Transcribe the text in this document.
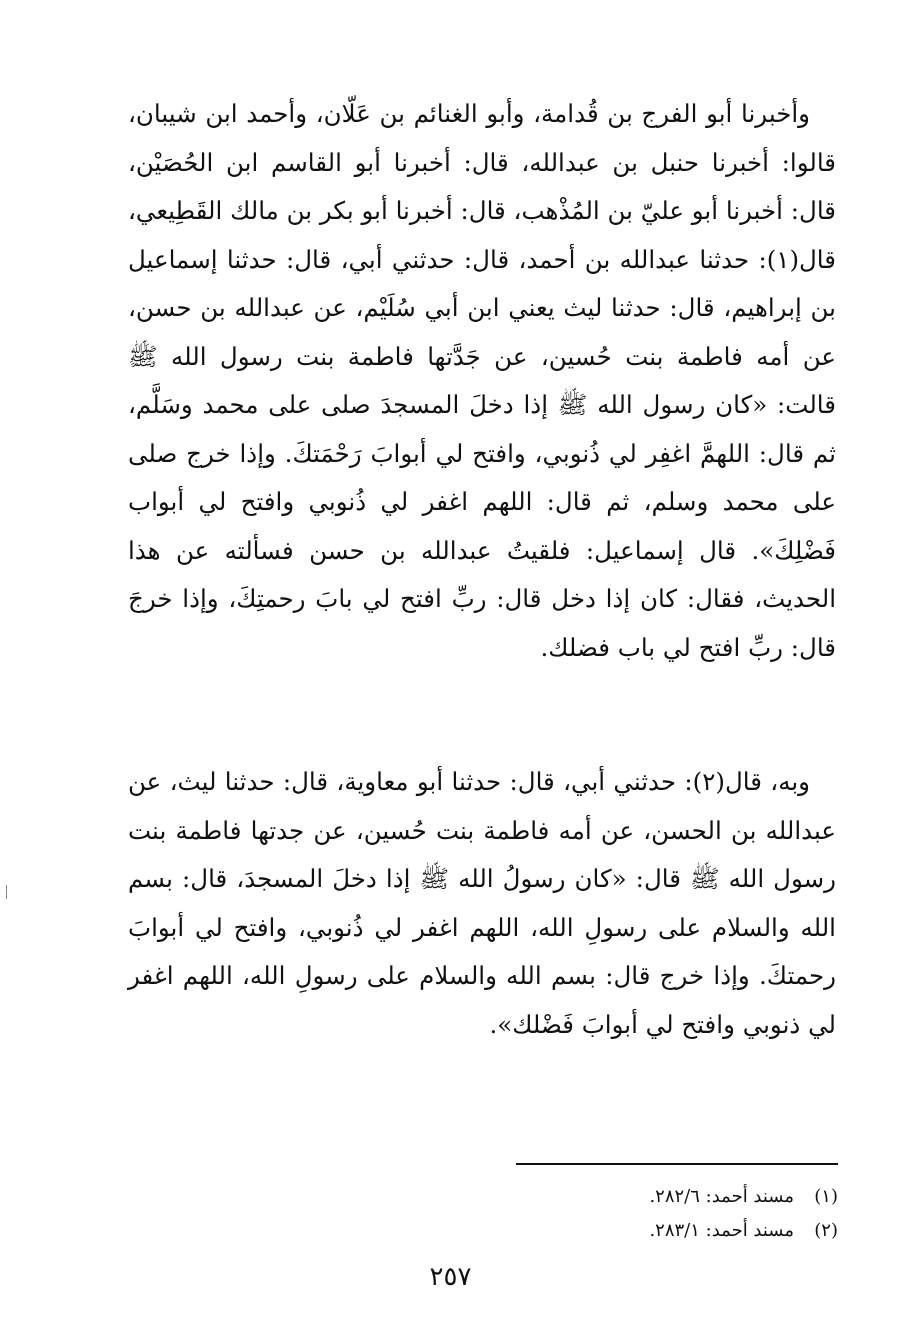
وأخبرنا أبو الفرج بن قُدامة، وأبو الغنائم بن عَلّان، وأحمد ابن شيبان، قالوا: أخبرنا حنبل بن عبدالله، قال: أخبرنا أبو القاسم ابن الحُصَيْن، قال: أخبرنا أبو عليّ بن المُذْهب، قال: أخبرنا أبو بكر بن مالك القَطِيعي، قال(١): حدثنا عبدالله بن أحمد، قال: حدثني أبي، قال: حدثنا إسماعيل بن إبراهيم، قال: حدثنا ليث يعني ابن أبي سُلَيْم، عن عبدالله بن حسن، عن أمه فاطمة بنت حُسين، عن جَدَّتها فاطمة بنت رسول الله ﷺ قالت: «كان رسول الله ﷺ إذا دخلَ المسجدَ صلى على محمد وسَلَّم، ثم قال: اللهمَّ اغفِر لي ذُنوبي، وافتح لي أبوابَ رَحْمَتكَ. وإذا خرج صلى على محمد وسلم، ثم قال: اللهم اغفر لي ذُنوبي وافتح لي أبواب فَضْلِكَ». قال إسماعيل: فلقيتُ عبدالله بن حسن فسألته عن هذا الحديث، فقال: كان إذا دخل قال: ربِّ افتح لي بابَ رحمتِكَ، وإذا خرجَ قال: ربِّ افتح لي باب فضلك.

وبه، قال(٢): حدثني أبي، قال: حدثنا أبو معاوية، قال: حدثنا ليث، عن عبدالله بن الحسن، عن أمه فاطمة بنت حُسين، عن جدتها فاطمة بنت رسول الله ﷺ قال: «كان رسولُ الله ﷺ إذا دخلَ المسجدَ، قال: بسم الله والسلام على رسولِ الله، اللهم اغفر لي ذُنوبي، وافتح لي أبوابَ رحمتكَ. وإذا خرج قال: بسم الله والسلام على رسولِ الله، اللهم اغفر لي ذنوبي وافتح لي أبوابَ فَضْلك».

(١)مسند أحمد: ٢٨٢/٦.
(٢)مسند أحمد: ٢٨٣/١.
٢٥٧
